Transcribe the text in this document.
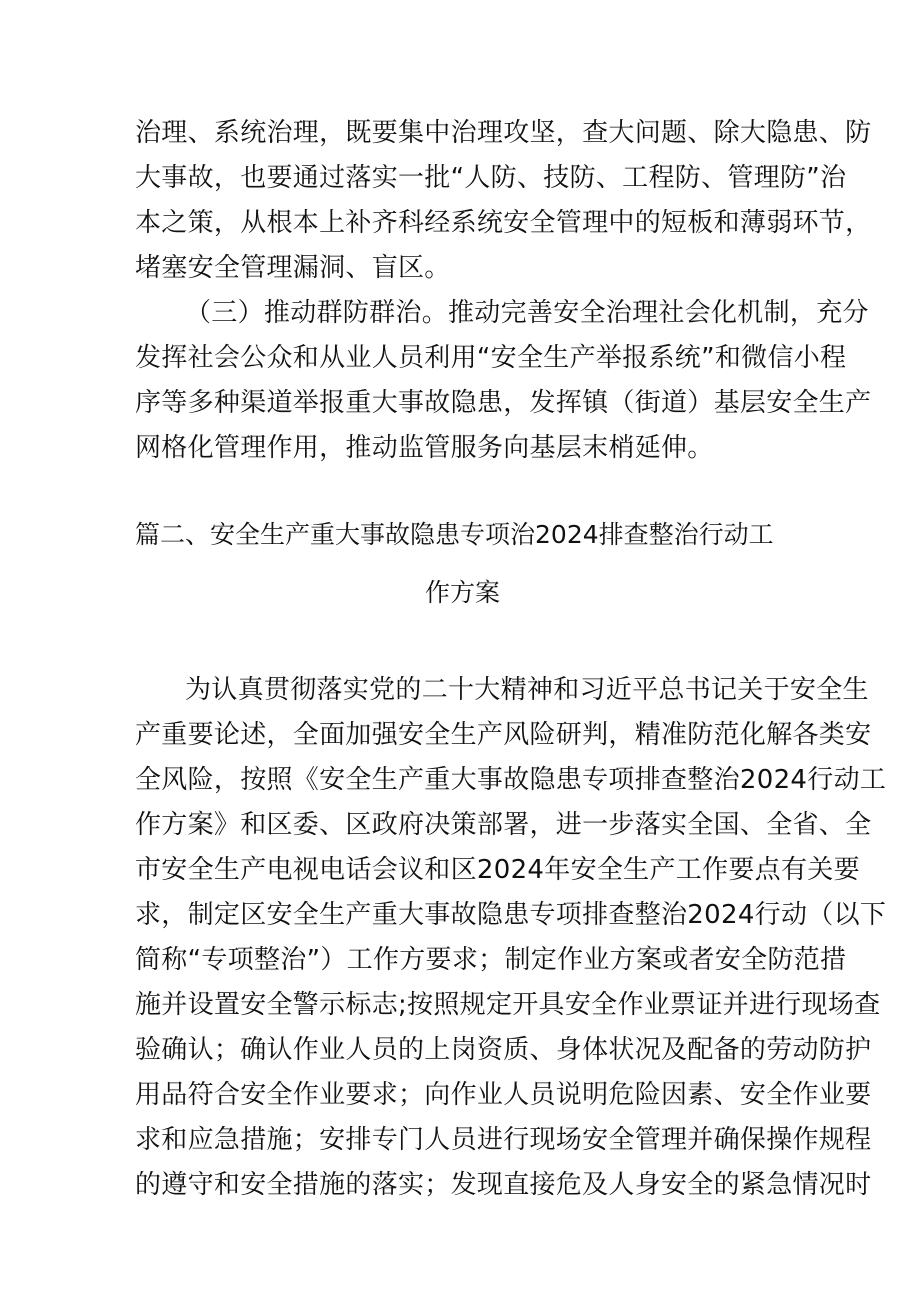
治理、系统治理，既要集中治理攻坚，查大问题、除大隐患、防
大事故，也要通过落实一批“人防、技防、工程防、管理防”治
本之策，从根本上补齐科经系统安全管理中的短板和薄弱环节，
堵塞安全管理漏洞、盲区。
（三）推动群防群治。推动完善安全治理社会化机制，充分
发挥社会公众和从业人员利用“安全生产举报系统”和微信小程
序等多种渠道举报重大事故隐患，发挥镇（街道）基层安全生产
网格化管理作用，推动监管服务向基层末梢延伸。
篇二、安全生产重大事故隐患专项治2024排查整治行动工
作方案
为认真贯彻落实党的二十大精神和习近平总书记关于安全生
产重要论述，全面加强安全生产风险研判，精准防范化解各类安
全风险，按照《安全生产重大事故隐患专项排查整治2024行动工
作方案》和区委、区政府决策部署，进一步落实全国、全省、全
市安全生产电视电话会议和区2024年安全生产工作要点有关要
求，制定区安全生产重大事故隐患专项排查整治2024行动（以下
简称“专项整治”）工作方要求；制定作业方案或者安全防范措
施并设置安全警示标志;按照规定开具安全作业票证并进行现场查
验确认；确认作业人员的上岗资质、身体状况及配备的劳动防护
用品符合安全作业要求；向作业人员说明危险因素、安全作业要
求和应急措施；安排专门人员进行现场安全管理并确保操作规程
的遵守和安全措施的落实；发现直接危及人身安全的紧急情况时
